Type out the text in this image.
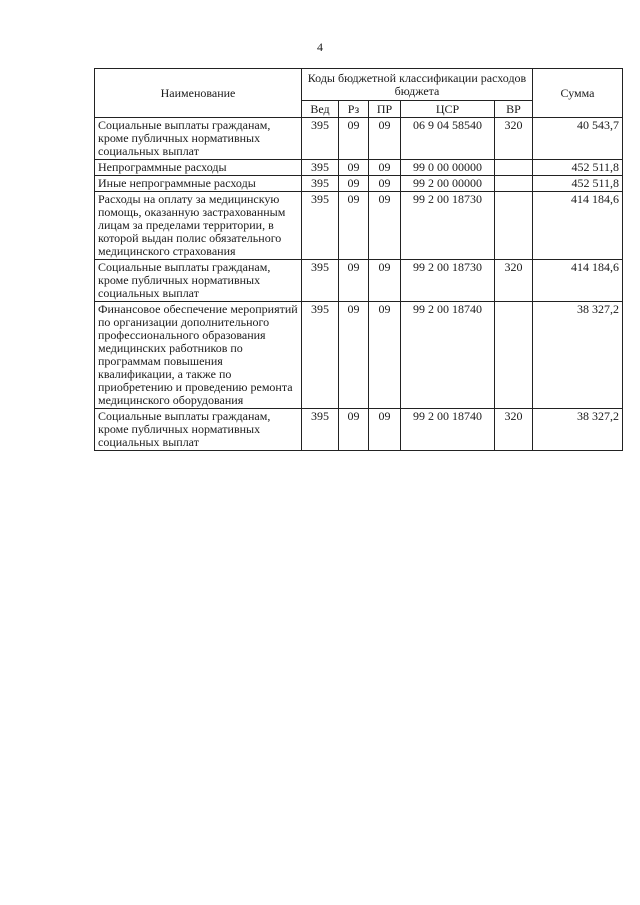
4
Наименование	Коды бюджетной классификации расходов бюджета					Сумма
	Вед	Рз	ПР	ЦСР	ВР	
Социальные выплаты гражданам, кроме публичных нормативных социальных выплат	395	09	09	06 9 04 58540	320	40 543,7
Непрограммные расходы	395	09	09	99 0 00 00000		452 511,8
Иные непрограммные расходы	395	09	09	99 2 00 00000		452 511,8
Расходы на оплату за медицинскую помощь, оказанную застрахованным лицам за пределами территории, в которой выдан полис обязательного медицинского страхования	395	09	09	99 2 00 18730		414 184,6
Социальные выплаты гражданам, кроме публичных нормативных социальных выплат	395	09	09	99 2 00 18730	320	414 184,6
Финансовое обеспечение мероприятий по организации дополнительного профессионального образования медицинских работников по программам повышения квалификации, а также по приобретению и проведению ремонта медицинского оборудования	395	09	09	99 2 00 18740		38 327,2
Социальные выплаты гражданам, кроме публичных нормативных социальных выплат	395	09	09	99 2 00 18740	320	38 327,2
